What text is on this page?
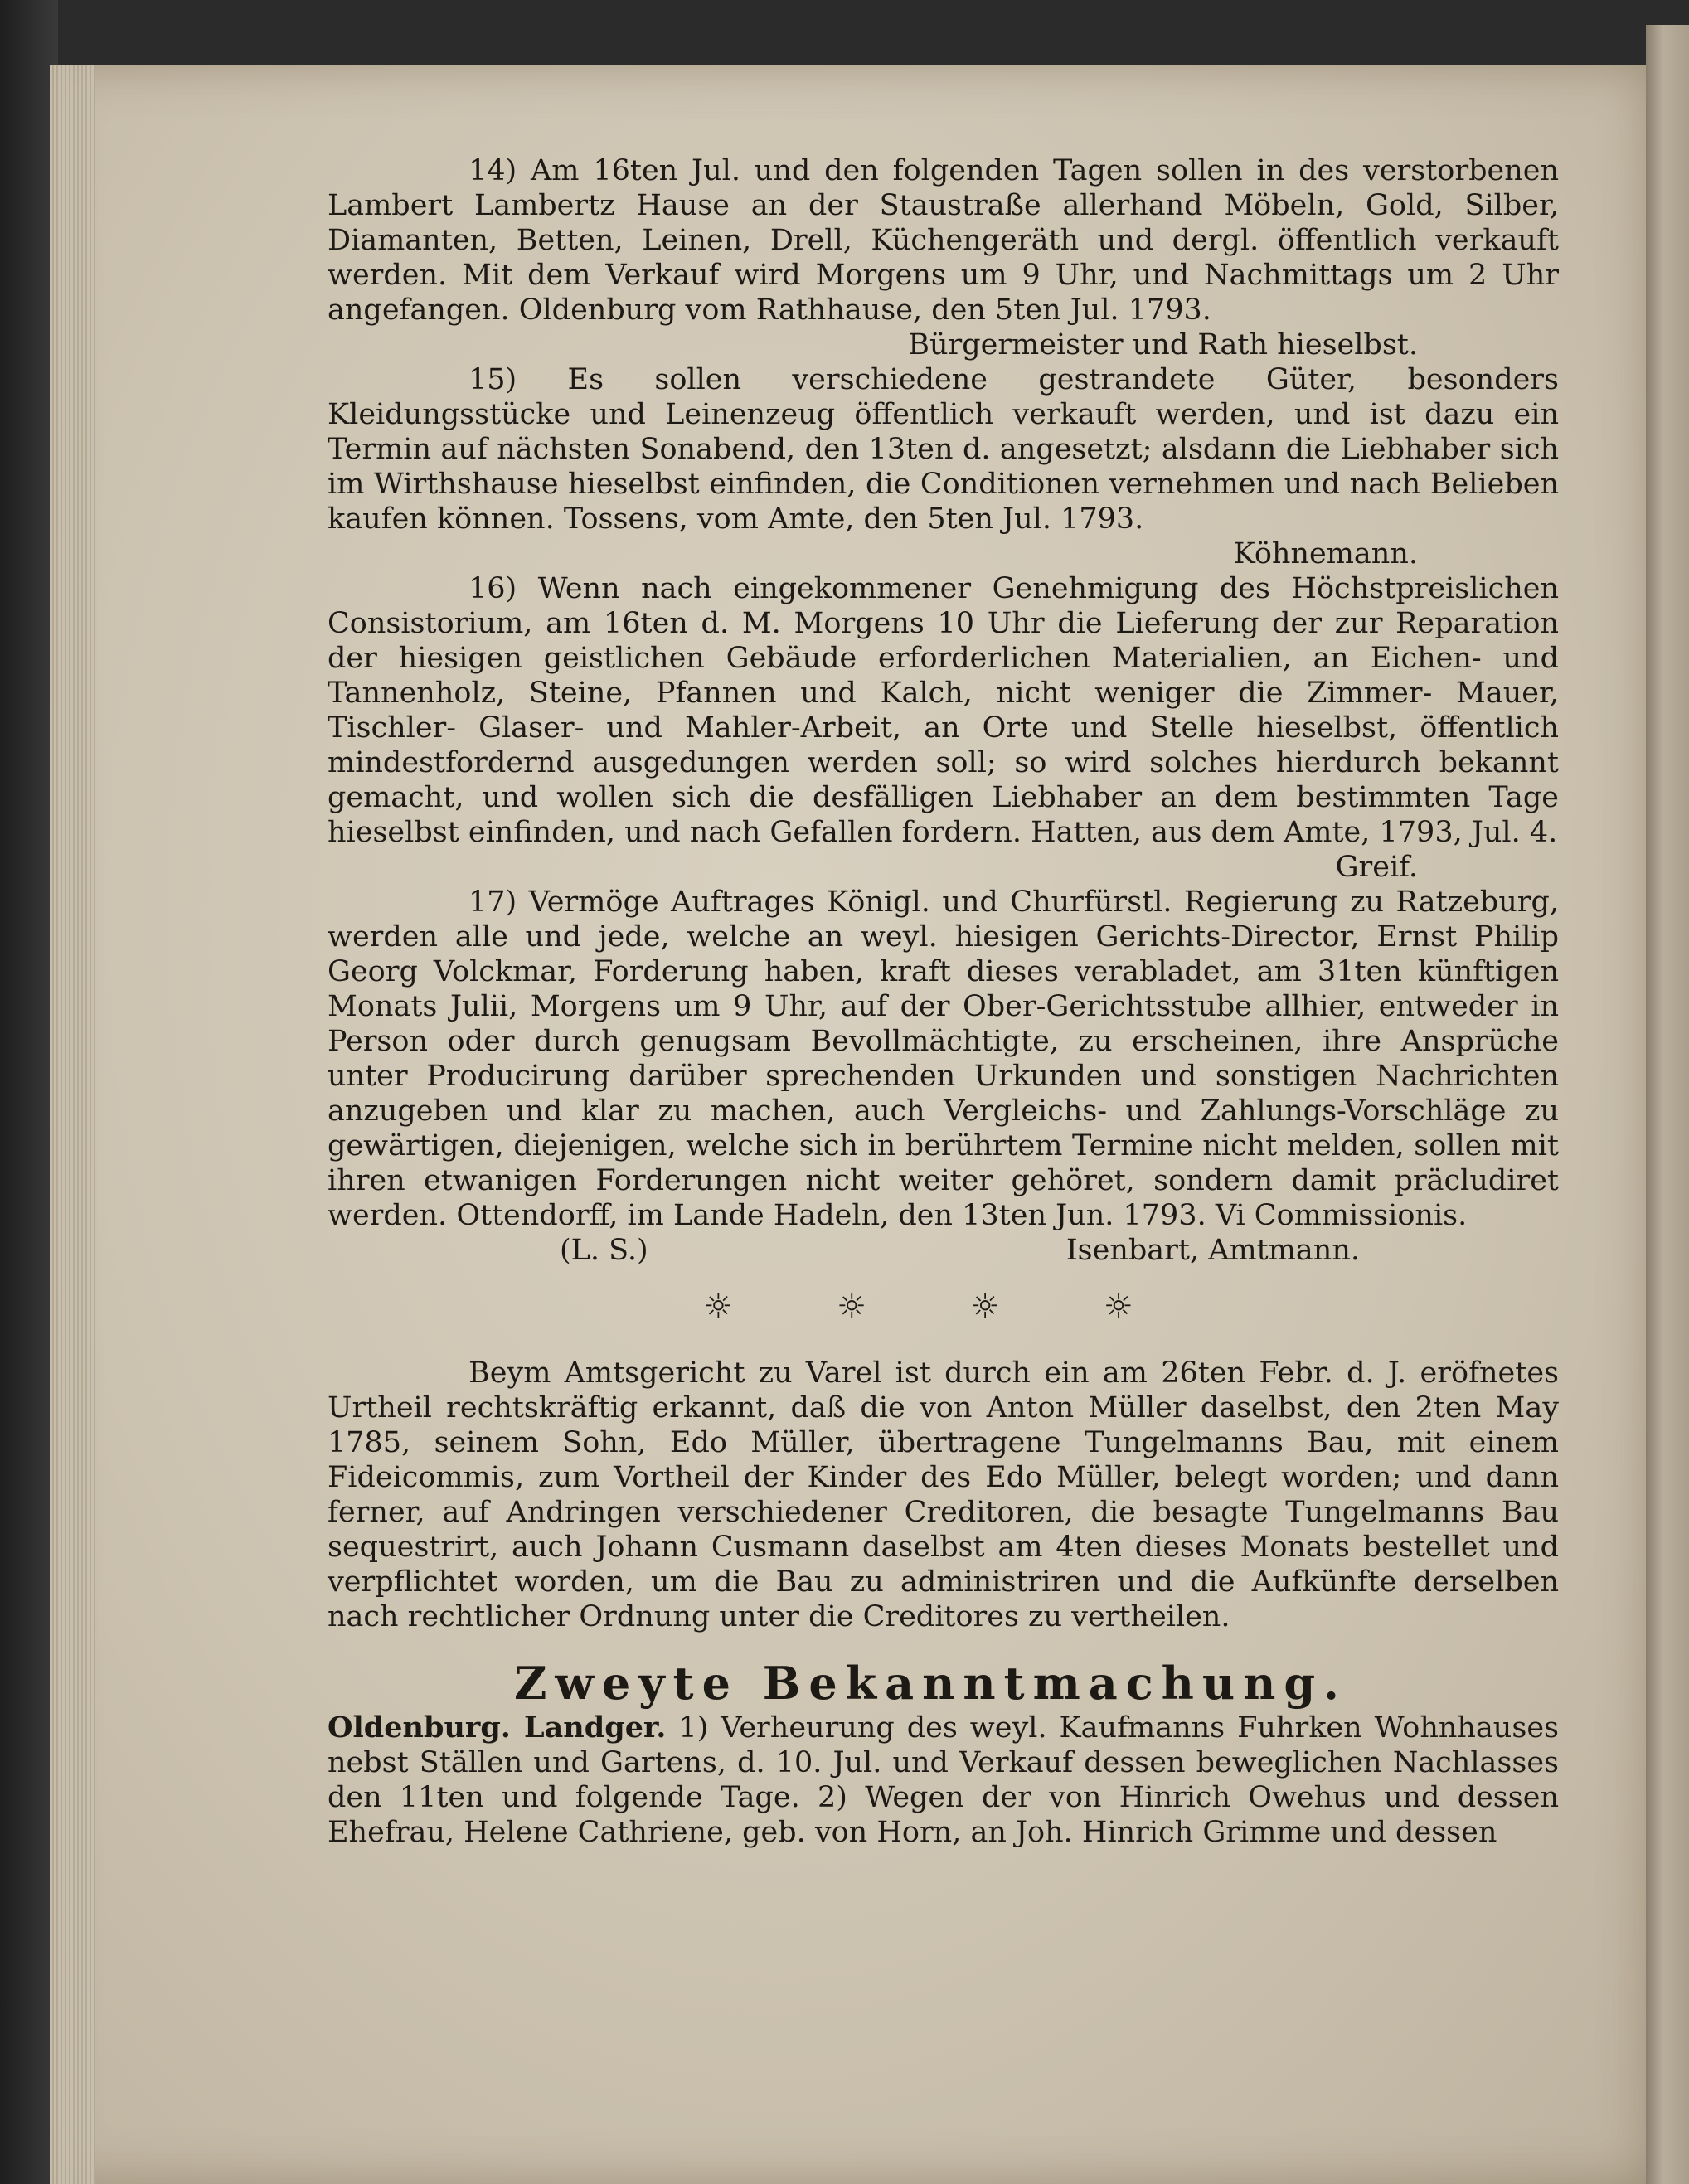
14) Am 16ten Jul. und den folgenden Tagen sollen in des verstorbenen Lambert Lambertz Hause an der Staustraße allerhand Möbeln, Gold, Silber, Diamanten, Betten, Leinen, Drell, Küchengeräth und dergl. öffentlich verkauft werden. Mit dem Verkauf wird Morgens um 9 Uhr, und Nachmittags um 2 Uhr angefangen. Oldenburg vom Rathhause, den 5ten Jul. 1793.

Bürgermeister und Rath hieselbst.

15) Es sollen verschiedene gestrandete Güter, besonders Kleidungsstücke und Leinenzeug öffentlich verkauft werden, und ist dazu ein Termin auf nächsten Sonabend, den 13ten d. angesetzt; alsdann die Liebhaber sich im Wirthshause hieselbst einfinden, die Conditionen vernehmen und nach Belieben kaufen können. Tossens, vom Amte, den 5ten Jul. 1793.

Köhnemann.

16) Wenn nach eingekommener Genehmigung des Höchstpreislichen Consistorium, am 16ten d. M. Morgens 10 Uhr die Lieferung der zur Reparation der hiesigen geistlichen Gebäude erforderlichen Materialien, an Eichen- und Tannenholz, Steine, Pfannen und Kalch, nicht weniger die Zimmer- Mauer, Tischler- Glaser- und Mahler-Arbeit, an Orte und Stelle hieselbst, öffentlich mindestfordernd ausgedungen werden soll; so wird solches hierdurch bekannt gemacht, und wollen sich die desfälligen Liebhaber an dem bestimmten Tage hieselbst einfinden, und nach Gefallen fordern. Hatten, aus dem Amte, 1793, Jul. 4.

Greif.

17) Vermöge Auftrages Königl. und Churfürstl. Regierung zu Ratzeburg, werden alle und jede, welche an weyl. hiesigen Gerichts-Director, Ernst Philip Georg Volckmar, Forderung haben, kraft dieses verabladet, am 31ten künftigen Monats Julii, Morgens um 9 Uhr, auf der Ober-Gerichtsstube allhier, entweder in Person oder durch genugsam Bevollmächtigte, zu erscheinen, ihre Ansprüche unter Producirung darüber sprechenden Urkunden und sonstigen Nachrichten anzugeben und klar zu machen, auch Vergleichs- und Zahlungs-Vorschläge zu gewärtigen, diejenigen, welche sich in berührtem Termine nicht melden, sollen mit ihren etwanigen Forderungen nicht weiter gehöret, sondern damit präcludiret werden. Ottendorff, im Lande Hadeln, den 13ten Jun. 1793. Vi Commissionis.

(L. S.)	Isenbart, Amtmann.

☼	☼	☼	☼

Beym Amtsgericht zu Varel ist durch ein am 26ten Febr. d. J. eröfnetes Urtheil rechtskräftig erkannt, daß die von Anton Müller daselbst, den 2ten May 1785, seinem Sohn, Edo Müller, übertragene Tungelmanns Bau, mit einem Fideicommis, zum Vortheil der Kinder des Edo Müller, belegt worden; und dann ferner, auf Andringen verschiedener Creditoren, die besagte Tungelmanns Bau sequestrirt, auch Johann Cusmann daselbst am 4ten dieses Monats bestellet und verpflichtet worden, um die Bau zu administriren und die Aufkünfte derselben nach rechtlicher Ordnung unter die Creditores zu vertheilen.

Zweyte Bekanntmachung.

Oldenburg. Landger. 1) Verheurung des weyl. Kaufmanns Fuhrken Wohnhauses nebst Ställen und Gartens, d. 10. Jul. und Verkauf dessen beweglichen Nachlasses den 11ten und folgende Tage. 2) Wegen der von Hinrich Owehus und dessen Ehefrau, Helene Cathriene, geb. von Horn, an Joh. Hinrich Grimme und dessen
